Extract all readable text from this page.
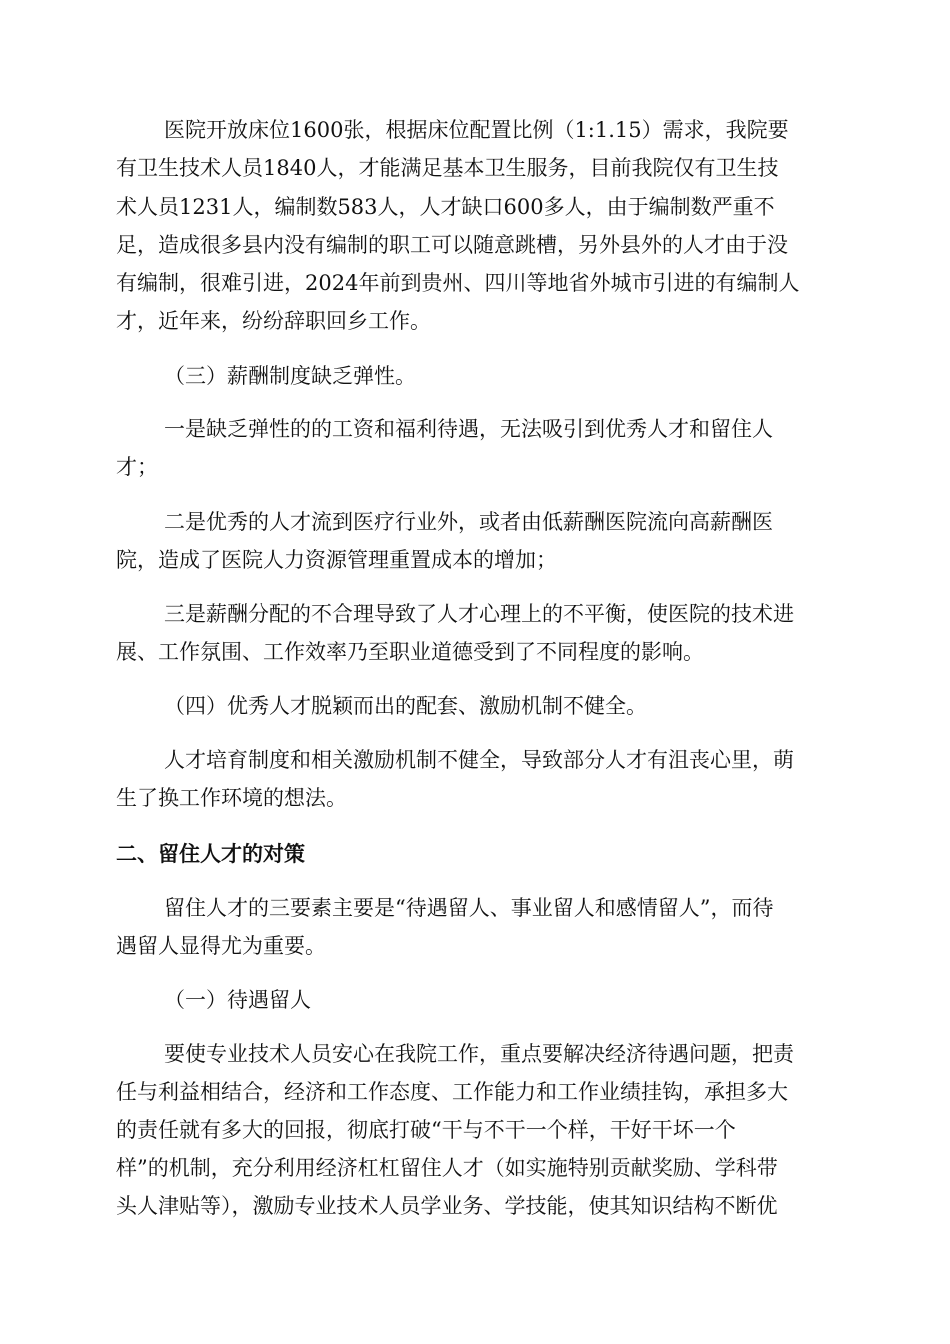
医院开放床位1600张，根据床位配置比例（1:1.15）需求，我院要
有卫生技术人员1840人，才能满足基本卫生服务，目前我院仅有卫生技
术人员1231人，编制数583人，人才缺口600多人，由于编制数严重不
足，造成很多县内没有编制的职工可以随意跳槽，另外县外的人才由于没
有编制，很难引进，2024年前到贵州、四川等地省外城市引进的有编制人
才，近年来，纷纷辞职回乡工作。
（三）薪酬制度缺乏弹性。
一是缺乏弹性的的工资和福利待遇，无法吸引到优秀人才和留住人
才；
二是优秀的人才流到医疗行业外，或者由低薪酬医院流向高薪酬医
院，造成了医院人力资源管理重置成本的增加；
三是薪酬分配的不合理导致了人才心理上的不平衡，使医院的技术进
展、工作氛围、工作效率乃至职业道德受到了不同程度的影响。
（四）优秀人才脱颖而出的配套、激励机制不健全。
人才培育制度和相关激励机制不健全，导致部分人才有沮丧心里，萌
生了换工作环境的想法。
二、留住人才的对策
留住人才的三要素主要是“待遇留人、事业留人和感情留人”，而待
遇留人显得尤为重要。
（一）待遇留人
要使专业技术人员安心在我院工作，重点要解决经济待遇问题，把责
任与利益相结合，经济和工作态度、工作能力和工作业绩挂钩，承担多大
的责任就有多大的回报，彻底打破“干与不干一个样，干好干坏一个
样”的机制，充分利用经济杠杠留住人才（如实施特别贡献奖励、学科带
头人津贴等），激励专业技术人员学业务、学技能，使其知识结构不断优
